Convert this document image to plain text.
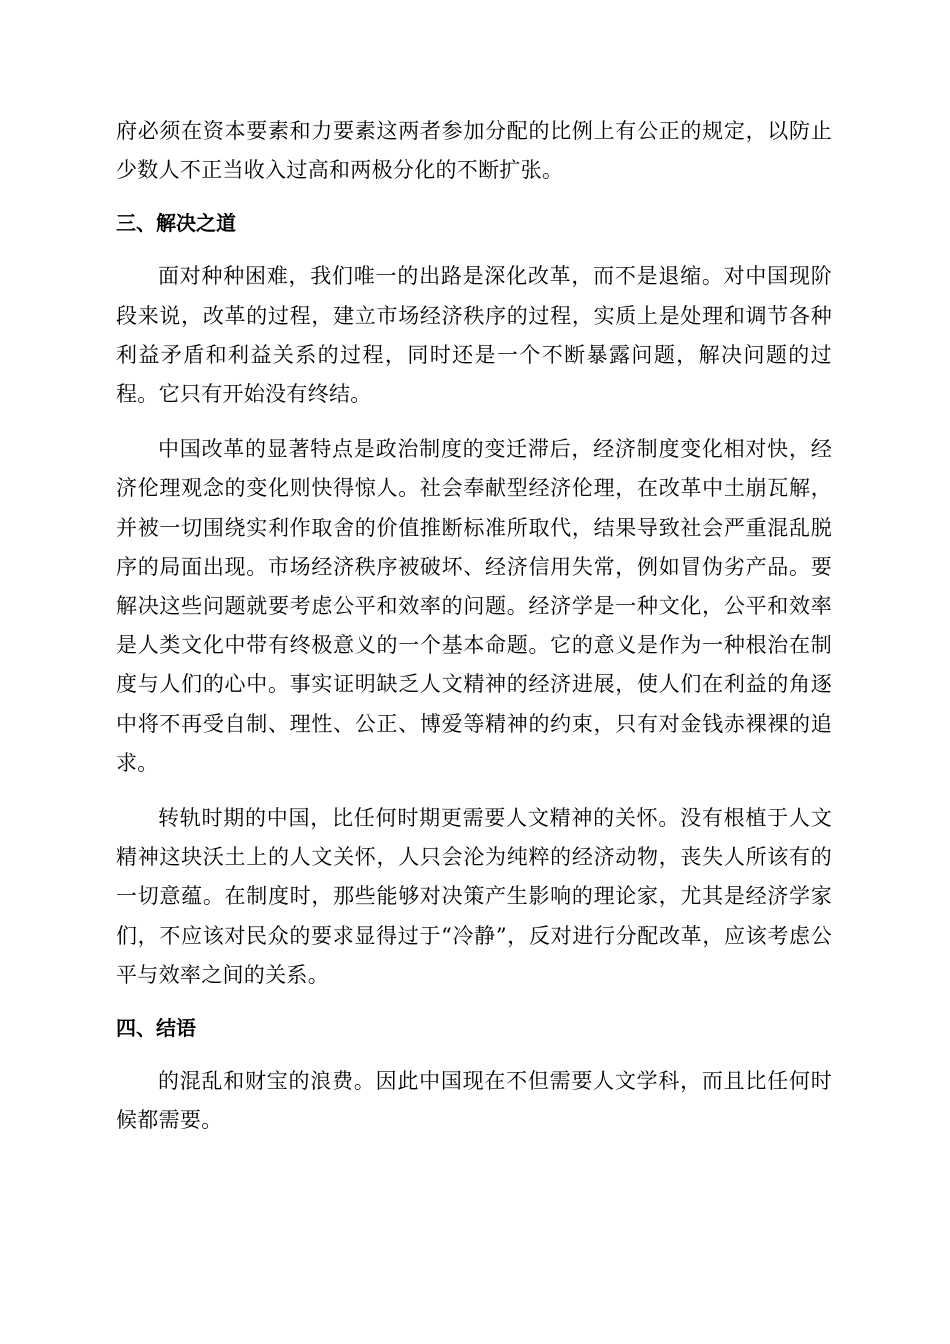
府必须在资本要素和力要素这两者参加分配的比例上有公正的规定，以防止少数人不正当收入过高和两极分化的不断扩张。

三、解决之道

面对种种困难，我们唯一的出路是深化改革，而不是退缩。对中国现阶段来说，改革的过程，建立市场经济秩序的过程，实质上是处理和调节各种利益矛盾和利益关系的过程，同时还是一个不断暴露问题，解决问题的过程。它只有开始没有终结。

中国改革的显著特点是政治制度的变迁滞后，经济制度变化相对快，经济伦理观念的变化则快得惊人。社会奉献型经济伦理，在改革中土崩瓦解，并被一切围绕实利作取舍的价值推断标准所取代，结果导致社会严重混乱脱序的局面出现。市场经济秩序被破坏、经济信用失常，例如冒伪劣产品。要解决这些问题就要考虑公平和效率的问题。经济学是一种文化，公平和效率是人类文化中带有终极意义的一个基本命题。它的意义是作为一种根治在制度与人们的心中。事实证明缺乏人文精神的经济进展，使人们在利益的角逐中将不再受自制、理性、公正、博爱等精神的约束，只有对金钱赤裸裸的追求。

转轨时期的中国，比任何时期更需要人文精神的关怀。没有根植于人文精神这块沃土上的人文关怀，人只会沦为纯粹的经济动物，丧失人所该有的一切意蕴。在制度时，那些能够对决策产生影响的理论家，尤其是经济学家们，不应该对民众的要求显得过于“冷静”，反对进行分配改革，应该考虑公平与效率之间的关系。

四、结语

的混乱和财宝的浪费。因此中国现在不但需要人文学科，而且比任何时候都需要。
